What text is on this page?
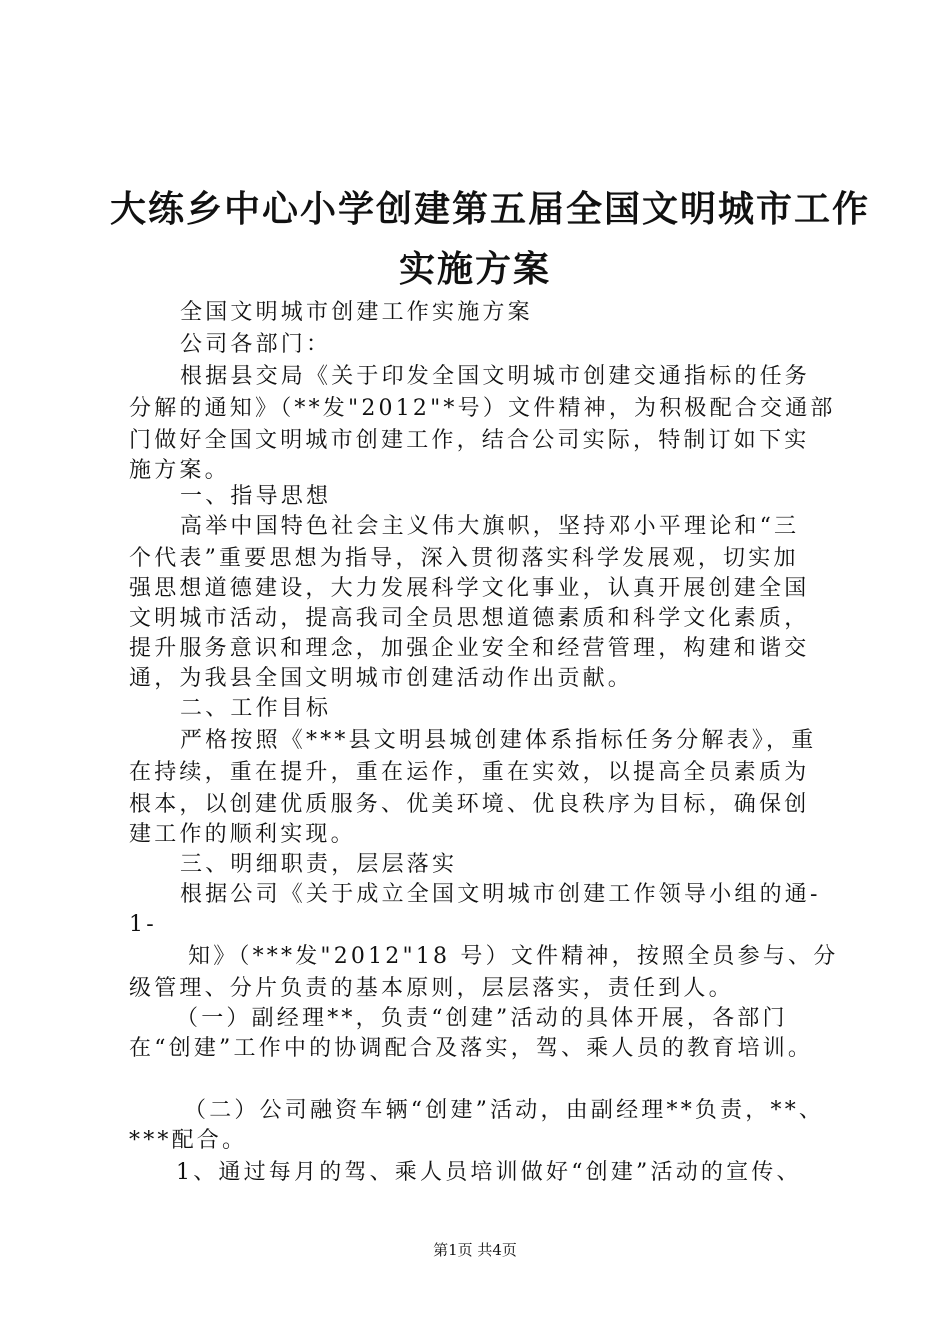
大练乡中心小学创建第五届全国文明城市工作
实施方案
全国文明城市创建工作实施方案
公司各部门：
根据县交局《关于印发全国文明城市创建交通指标的任务
分解的通知》（**发"2012"*号）文件精神，为积极配合交通部
门做好全国文明城市创建工作，结合公司实际，特制订如下实
施方案。
一、指导思想
高举中国特色社会主义伟大旗帜，坚持邓小平理论和“三
个代表”重要思想为指导，深入贯彻落实科学发展观，切实加
强思想道德建设，大力发展科学文化事业，认真开展创建全国
文明城市活动，提高我司全员思想道德素质和科学文化素质，
提升服务意识和理念，加强企业安全和经营管理，构建和谐交
通，为我县全国文明城市创建活动作出贡献。
二、工作目标
严格按照《***县文明县城创建体系指标任务分解表》，重
在持续，重在提升，重在运作，重在实效，以提高全员素质为
根本，以创建优质服务、优美环境、优良秩序为目标，确保创
建工作的顺利实现。
三、明细职责，层层落实
根据公司《关于成立全国文明城市创建工作领导小组的通-
1-
知》（***发"2012"18 号）文件精神，按照全员参与、分
级管理、分片负责的基本原则，层层落实，责任到人。
（一）副经理**，负责“创建”活动的具体开展，各部门
在“创建”工作中的协调配合及落实，驾、乘人员的教育培训。
（二）公司融资车辆“创建”活动，由副经理**负责，**、
***配合。
1、通过每月的驾、乘人员培训做好“创建”活动的宣传、
第1页 共4页
